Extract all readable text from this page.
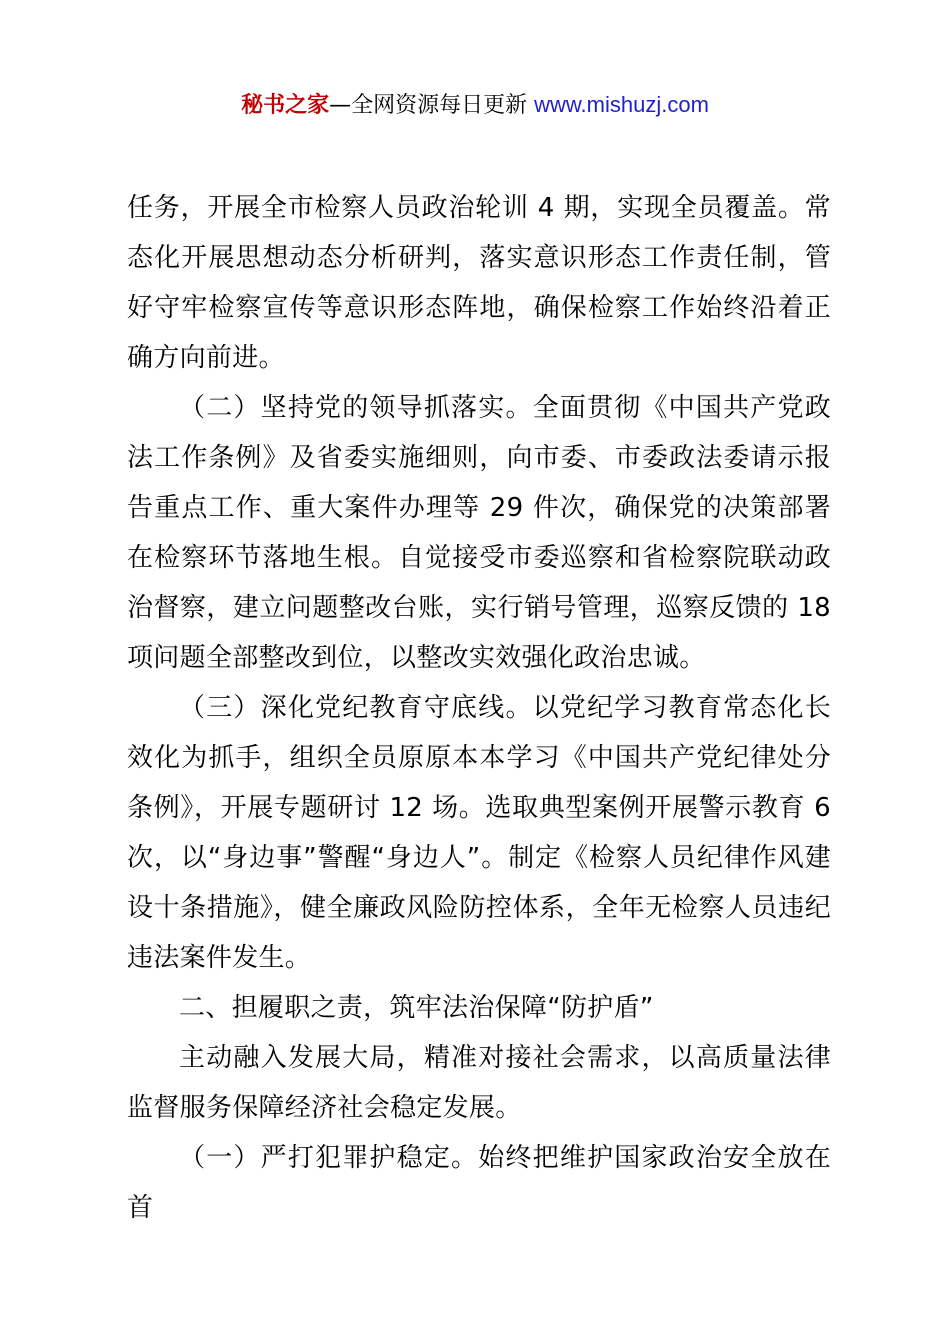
秘书之家—全网资源每日更新 www.mishuzj.com

任务，开展全市检察人员政治轮训 4 期，实现全员覆盖。常态化开展思想动态分析研判，落实意识形态工作责任制，管好守牢检察宣传等意识形态阵地，确保检察工作始终沿着正确方向前进。

（二）坚持党的领导抓落实。全面贯彻《中国共产党政法工作条例》及省委实施细则，向市委、市委政法委请示报告重点工作、重大案件办理等 29 件次，确保党的决策部署在检察环节落地生根。自觉接受市委巡察和省检察院联动政治督察，建立问题整改台账，实行销号管理，巡察反馈的 18 项问题全部整改到位，以整改实效强化政治忠诚。

（三）深化党纪教育守底线。以党纪学习教育常态化长效化为抓手，组织全员原原本本学习《中国共产党纪律处分条例》，开展专题研讨 12 场。选取典型案例开展警示教育 6 次，以“身边事”警醒“身边人”。制定《检察人员纪律作风建设十条措施》，健全廉政风险防控体系，全年无检察人员违纪违法案件发生。

二、担履职之责，筑牢法治保障“防护盾”

主动融入发展大局，精准对接社会需求，以高质量法律监督服务保障经济社会稳定发展。

（一）严打犯罪护稳定。始终把维护国家政治安全放在首
